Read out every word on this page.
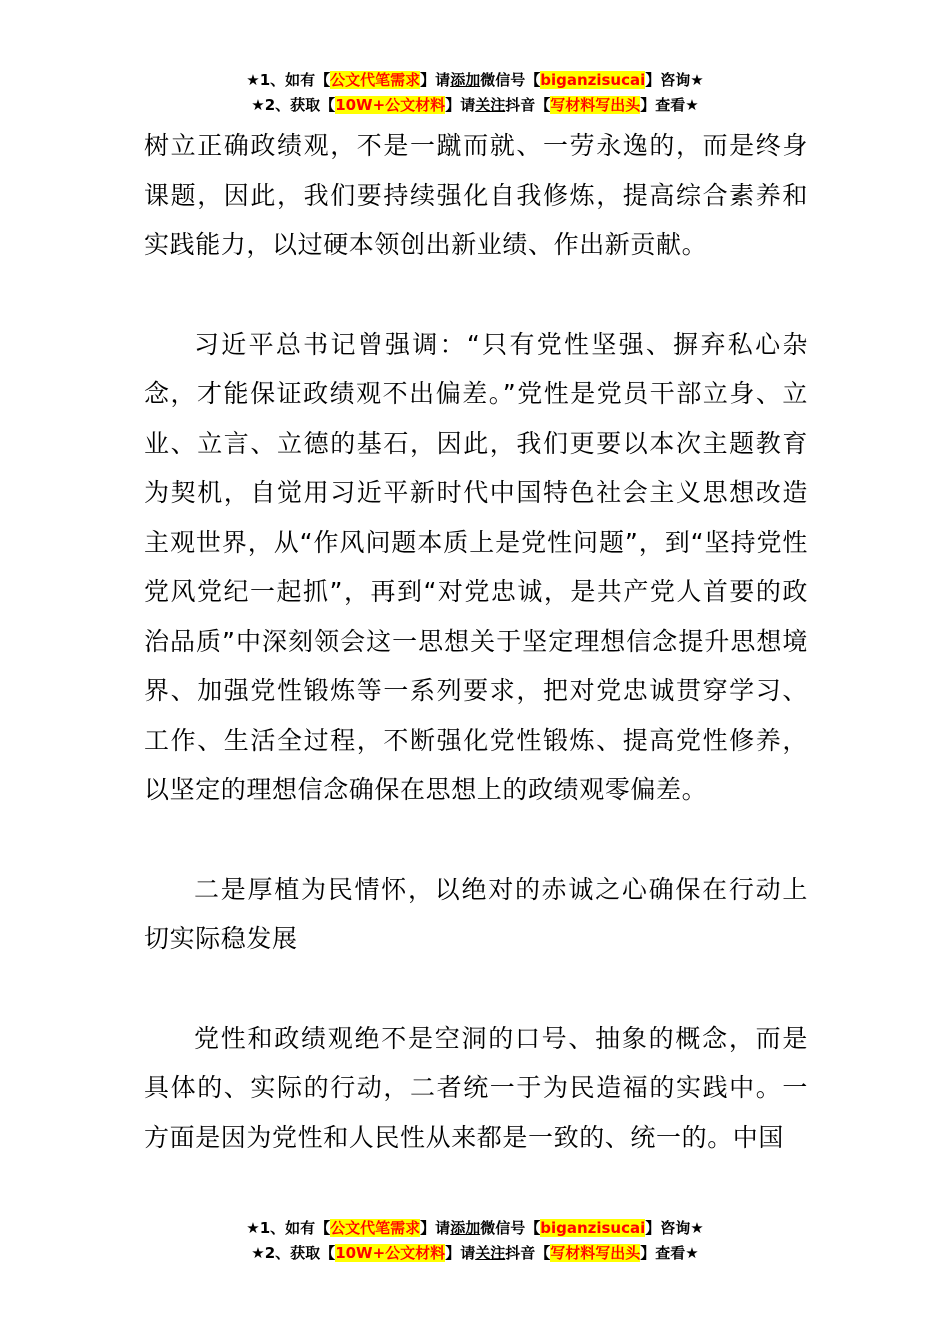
★1、如有【公文代笔需求】请添加微信号【biganzisucai】咨询★
★2、获取【10W+公文材料】请关注抖音【写材料写出头】查看★

树立正确政绩观，不是一蹴而就、一劳永逸的，而是终身课题，因此，我们要持续强化自我修炼，提高综合素养和实践能力，以过硬本领创出新业绩、作出新贡献。

习近平总书记曾强调：“只有党性坚强、摒弃私心杂念，才能保证政绩观不出偏差。”党性是党员干部立身、立业、立言、立德的基石，因此，我们更要以本次主题教育为契机，自觉用习近平新时代中国特色社会主义思想改造主观世界，从“作风问题本质上是党性问题”，到“坚持党性党风党纪一起抓”，再到“对党忠诚，是共产党人首要的政治品质”中深刻领会这一思想关于坚定理想信念提升思想境界、加强党性锻炼等一系列要求，把对党忠诚贯穿学习、工作、生活全过程，不断强化党性锻炼、提高党性修养，以坚定的理想信念确保在思想上的政绩观零偏差。

二是厚植为民情怀，以绝对的赤诚之心确保在行动上切实际稳发展

党性和政绩观绝不是空洞的口号、抽象的概念，而是具体的、实际的行动，二者统一于为民造福的实践中。一方面是因为党性和人民性从来都是一致的、统一的。中国

★1、如有【公文代笔需求】请添加微信号【biganzisucai】咨询★
★2、获取【10W+公文材料】请关注抖音【写材料写出头】查看★
